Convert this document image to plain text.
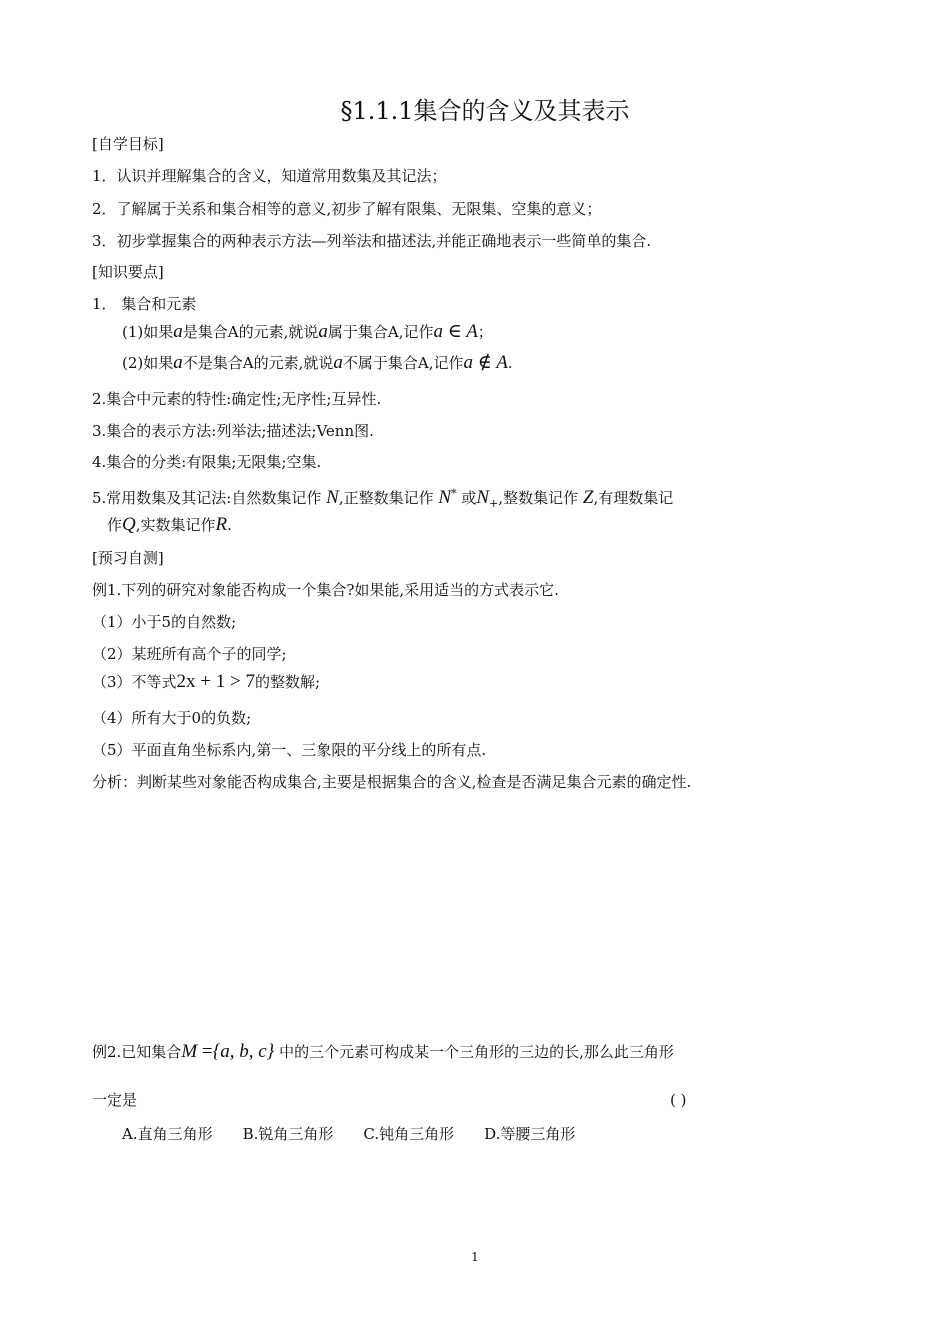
§1.1.1集合的含义及其表示
[自学目标]
1．认识并理解集合的含义，知道常用数集及其记法；
2．了解属于关系和集合相等的意义,初步了解有限集、无限集、空集的意义；
3．初步掌握集合的两种表示方法—列举法和描述法,并能正确地表示一些简单的集合.
[知识要点]
1． 集合和元素
(1)如果a是集合A的元素,就说a属于集合A,记作a ∈ A；
(2)如果a不是集合A的元素,就说a不属于集合A,记作a ∉ A.
2.集合中元素的特性:确定性;无序性;互异性.
3.集合的表示方法:列举法;描述法;Venn图.
4.集合的分类:有限集;无限集;空集.
5.常用数集及其记法:自然数集记作 N,正整数集记作 N* 或$N_+$,整数集记作 Z,有理数集记
作Q,实数集记作R.
[预习自测]
例1.下列的研究对象能否构成一个集合?如果能,采用适当的方式表示它.
（1）小于5的自然数;
（2）某班所有高个子的同学;
（3）不等式2x + 1 > 7的整数解;
（4）所有大于0的负数;
（5）平面直角坐标系内,第一、三象限的平分线上的所有点.
分析：判断某些对象能否构成集合,主要是根据集合的含义,检查是否满足集合元素的确定性.
例2.已知集合M ={a, b, c} 中的三个元素可构成某一个三角形的三边的长,那么此三角形
一定是	( )
A.直角三角形 B.锐角三角形 C.钝角三角形 D.等腰三角形
1
